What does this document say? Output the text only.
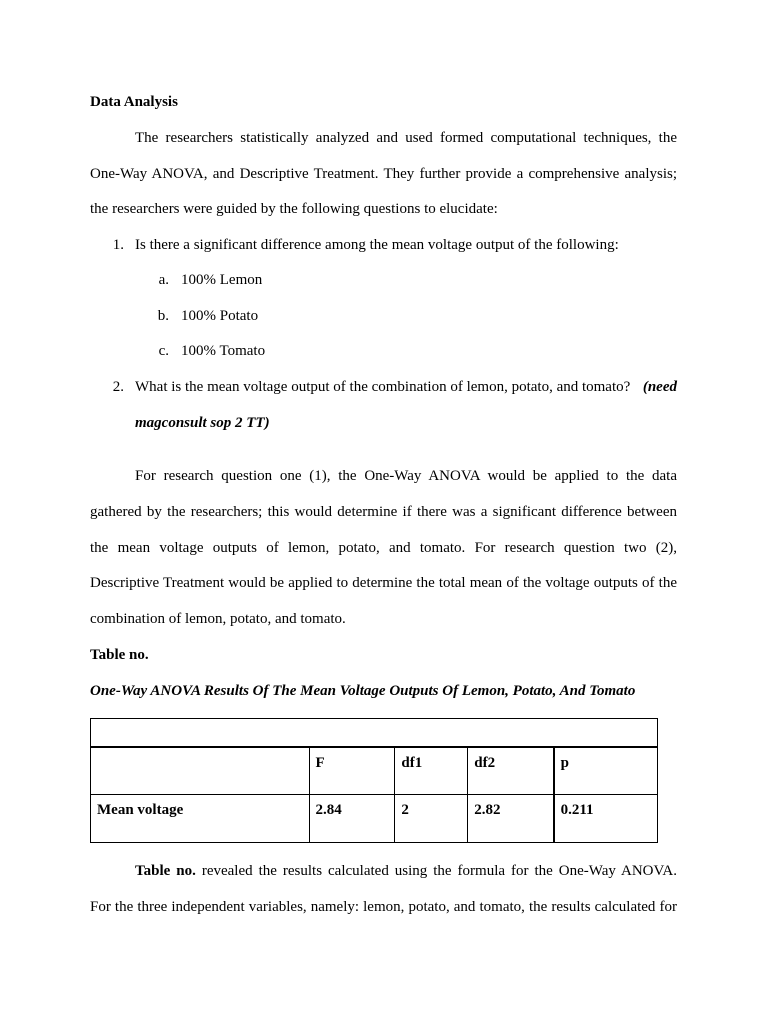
Data Analysis

The researchers statistically analyzed and used formed computational techniques, the

One-Way ANOVA, and Descriptive Treatment. They further provide a comprehensive analysis;

the researchers were guided by the following questions to elucidate:

1. Is there a significant difference among the mean voltage output of the following:
a. 100% Lemon
b. 100% Potato
c. 100% Tomato
2. What is the mean voltage output of the combination of lemon, potato, and tomato? (need
magconsult sop 2 TT)

For research question one (1), the One-Way ANOVA would be applied to the data

gathered by the researchers; this would determine if there was a significant difference between

the mean voltage outputs of lemon, potato, and tomato. For research question two (2),

Descriptive Treatment would be applied to determine the total mean of the voltage outputs of the

combination of lemon, potato, and tomato.

Table no.

One-Way ANOVA Results Of The Mean Voltage Outputs Of Lemon, Potato, And Tomato

	F	df1	df2	p
Mean voltage	2.84	2	2.82	0.211

Table no. revealed the results calculated using the formula for the One-Way ANOVA.

For the three independent variables, namely: lemon, potato, and tomato, the results calculated for
